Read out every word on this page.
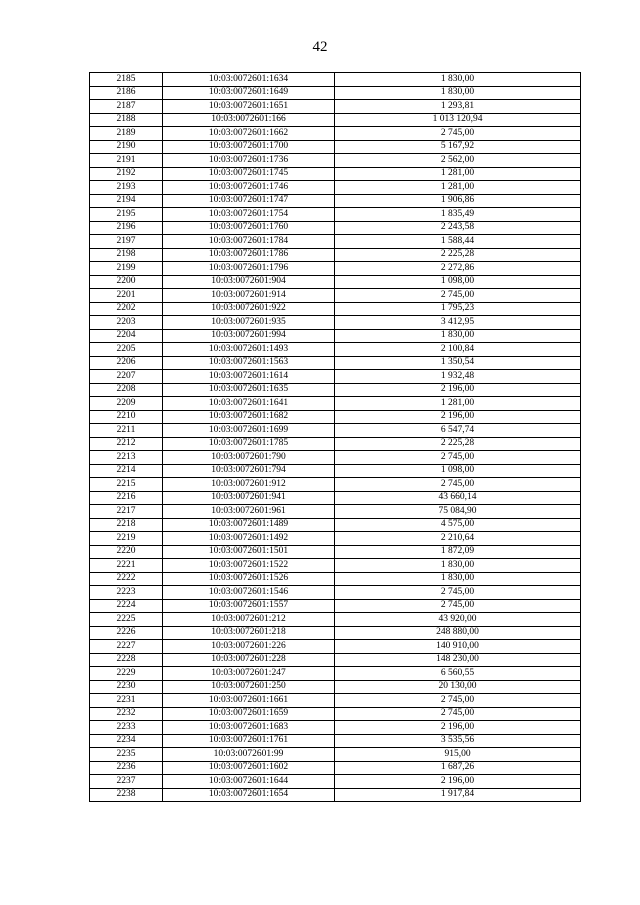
42
2185	10:03:0072601:1634	1 830,00
2186	10:03:0072601:1649	1 830,00
2187	10:03:0072601:1651	1 293,81
2188	10:03:0072601:166	1 013 120,94
2189	10:03:0072601:1662	2 745,00
2190	10:03:0072601:1700	5 167,92
2191	10:03:0072601:1736	2 562,00
2192	10:03:0072601:1745	1 281,00
2193	10:03:0072601:1746	1 281,00
2194	10:03:0072601:1747	1 906,86
2195	10:03:0072601:1754	1 835,49
2196	10:03:0072601:1760	2 243,58
2197	10:03:0072601:1784	1 588,44
2198	10:03:0072601:1786	2 225,28
2199	10:03:0072601:1796	2 272,86
2200	10:03:0072601:904	1 098,00
2201	10:03:0072601:914	2 745,00
2202	10:03:0072601:922	1 795,23
2203	10:03:0072601:935	3 412,95
2204	10:03:0072601:994	1 830,00
2205	10:03:0072601:1493	2 100,84
2206	10:03:0072601:1563	1 350,54
2207	10:03:0072601:1614	1 932,48
2208	10:03:0072601:1635	2 196,00
2209	10:03:0072601:1641	1 281,00
2210	10:03:0072601:1682	2 196,00
2211	10:03:0072601:1699	6 547,74
2212	10:03:0072601:1785	2 225,28
2213	10:03:0072601:790	2 745,00
2214	10:03:0072601:794	1 098,00
2215	10:03:0072601:912	2 745,00
2216	10:03:0072601:941	43 660,14
2217	10:03:0072601:961	75 084,90
2218	10:03:0072601:1489	4 575,00
2219	10:03:0072601:1492	2 210,64
2220	10:03:0072601:1501	1 872,09
2221	10:03:0072601:1522	1 830,00
2222	10:03:0072601:1526	1 830,00
2223	10:03:0072601:1546	2 745,00
2224	10:03:0072601:1557	2 745,00
2225	10:03:0072601:212	43 920,00
2226	10:03:0072601:218	248 880,00
2227	10:03:0072601:226	140 910,00
2228	10:03:0072601:228	148 230,00
2229	10:03:0072601:247	6 560,55
2230	10:03:0072601:250	20 130,00
2231	10:03:0072601:1661	2 745,00
2232	10:03:0072601:1659	2 745,00
2233	10:03:0072601:1683	2 196,00
2234	10:03:0072601:1761	3 535,56
2235	10:03:0072601:99	915,00
2236	10:03:0072601:1602	1 687,26
2237	10:03:0072601:1644	2 196,00
2238	10:03:0072601:1654	1 917,84
